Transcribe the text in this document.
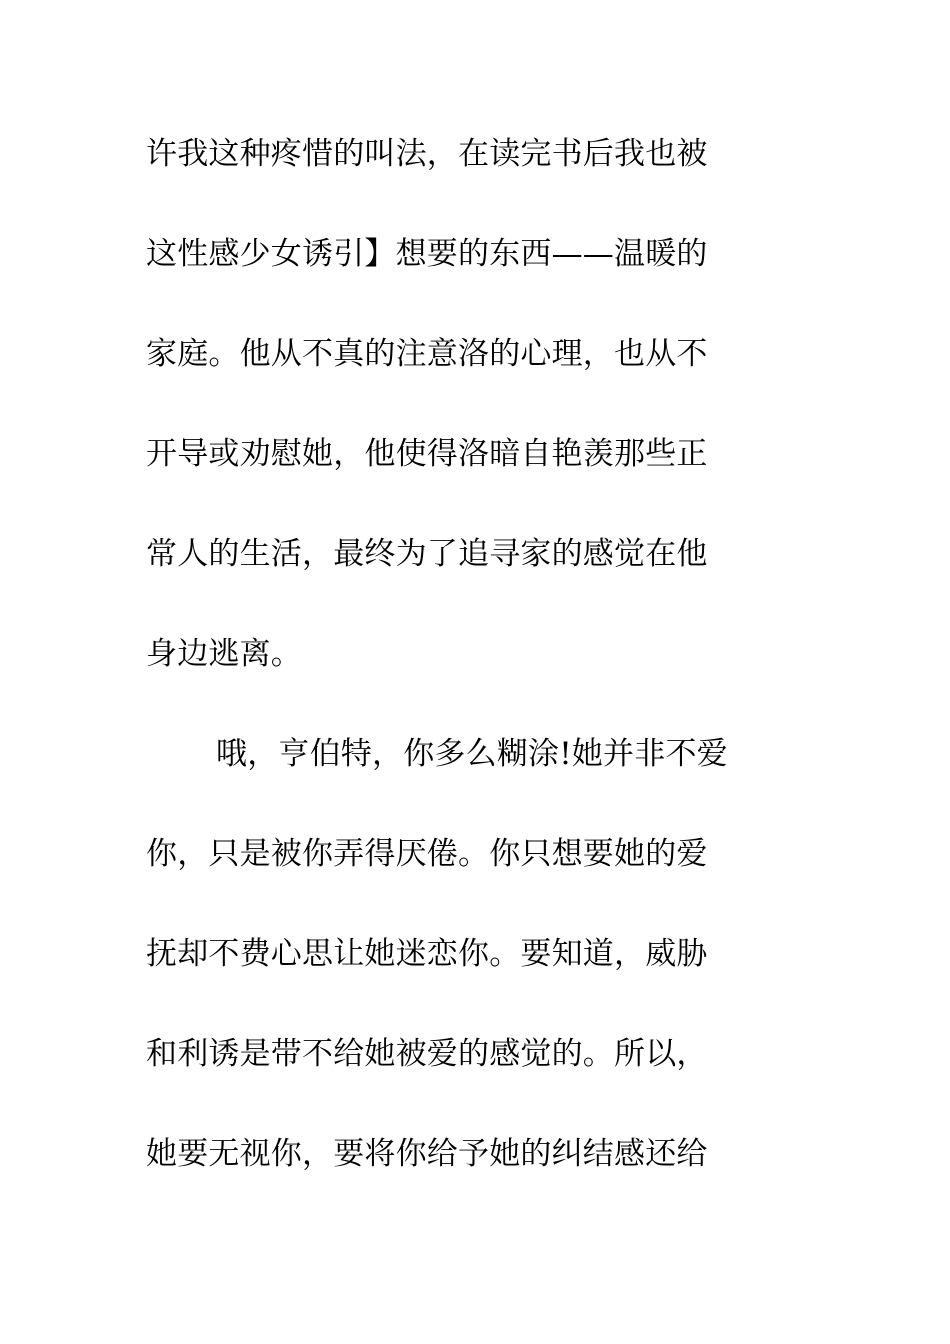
许我这种疼惜的叫法，在读完书后我也被
这性感少女诱引】想要的东西——温暖的
家庭。他从不真的注意洛的心理，也从不
开导或劝慰她，他使得洛暗自艳羡那些正
常人的生活，最终为了追寻家的感觉在他
身边逃离。
哦，亨伯特，你多么糊涂!她并非不爱
你，只是被你弄得厌倦。你只想要她的爱
抚却不费心思让她迷恋你。要知道，威胁
和利诱是带不给她被爱的感觉的。所以，
她要无视你，要将你给予她的纠结感还给
